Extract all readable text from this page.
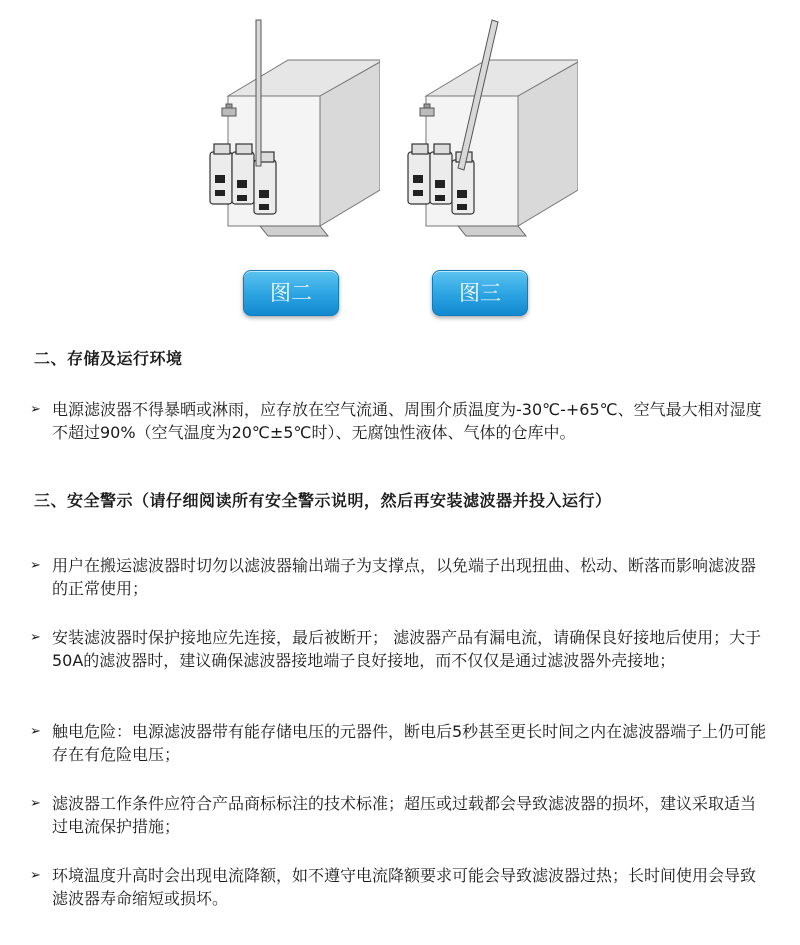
图二	图三
二、存储及运行环境
➢ 电源滤波器不得暴晒或淋雨，应存放在空气流通、周围介质温度为-30℃-+65℃、空气最大相对湿度不超过90%（空气温度为20℃±5℃时）、无腐蚀性液体、气体的仓库中。
三、安全警示（请仔细阅读所有安全警示说明，然后再安装滤波器并投入运行）
➢ 用户在搬运滤波器时切勿以滤波器输出端子为支撑点，以免端子出现扭曲、松动、断落而影响滤波器的正常使用；
➢ 安装滤波器时保护接地应先连接，最后被断开； 滤波器产品有漏电流，请确保良好接地后使用；大于50A的滤波器时，建议确保滤波器接地端子良好接地，而不仅仅是通过滤波器外壳接地；
➢ 触电危险：电源滤波器带有能存储电压的元器件，断电后5秒甚至更长时间之内在滤波器端子上仍可能存在有危险电压；
➢ 滤波器工作条件应符合产品商标标注的技术标准；超压或过载都会导致滤波器的损坏，建议采取适当过电流保护措施；
➢ 环境温度升高时会出现电流降额，如不遵守电流降额要求可能会导致滤波器过热；长时间使用会导致滤波器寿命缩短或损坏。
